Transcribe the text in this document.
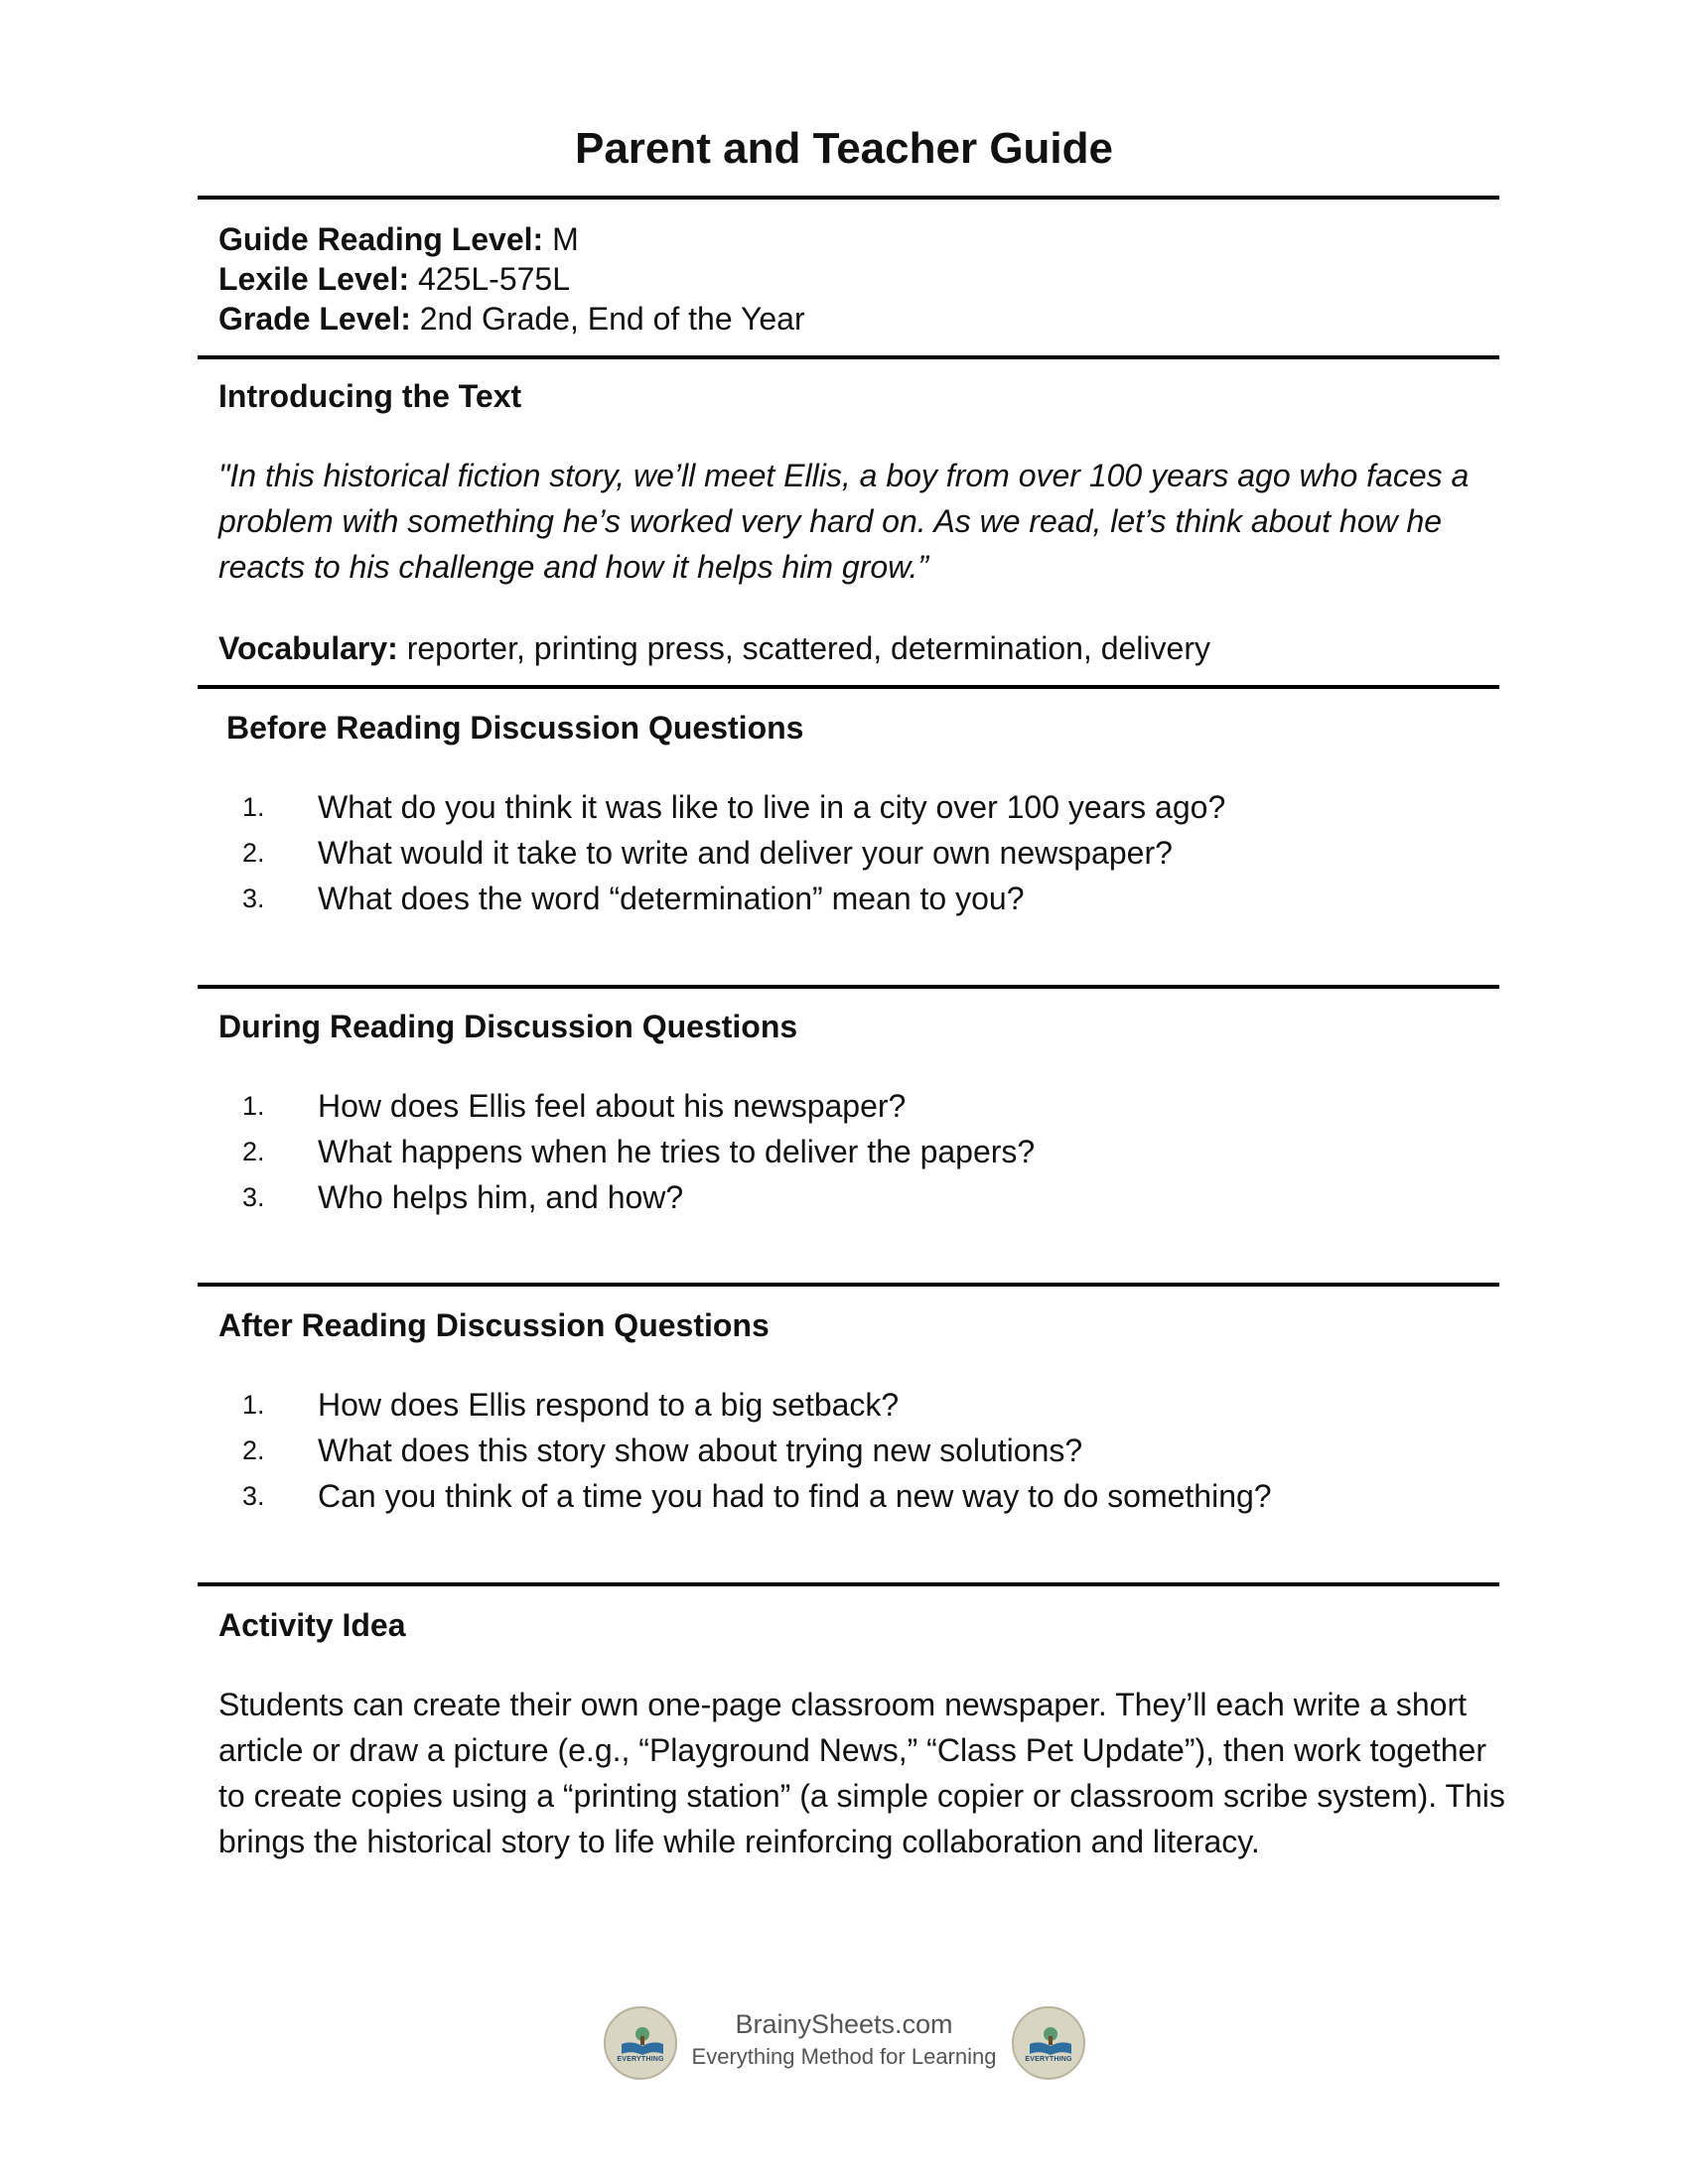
Parent and Teacher Guide
Guide Reading Level: M
Lexile Level: 425L-575L
Grade Level: 2nd Grade, End of the Year
Introducing the Text
"In this historical fiction story, we’ll meet Ellis, a boy from over 100 years ago who faces a problem with something he’s worked very hard on. As we read, let’s think about how he reacts to his challenge and how it helps him grow.”
Vocabulary: reporter, printing press, scattered, determination, delivery
Before Reading Discussion Questions
1. What do you think it was like to live in a city over 100 years ago?
2. What would it take to write and deliver your own newspaper?
3. What does the word “determination” mean to you?
During Reading Discussion Questions
1. How does Ellis feel about his newspaper?
2. What happens when he tries to deliver the papers?
3. Who helps him, and how?
After Reading Discussion Questions
1. How does Ellis respond to a big setback?
2. What does this story show about trying new solutions?
3. Can you think of a time you had to find a new way to do something?
Activity Idea
Students can create their own one-page classroom newspaper. They’ll each write a short article or draw a picture (e.g., “Playground News,” “Class Pet Update”), then work together to create copies using a “printing station” (a simple copier or classroom scribe system). This brings the historical story to life while reinforcing collaboration and literacy.
EVERYTHING
BrainySheets.com
Everything Method for Learning	EVERYTHING
